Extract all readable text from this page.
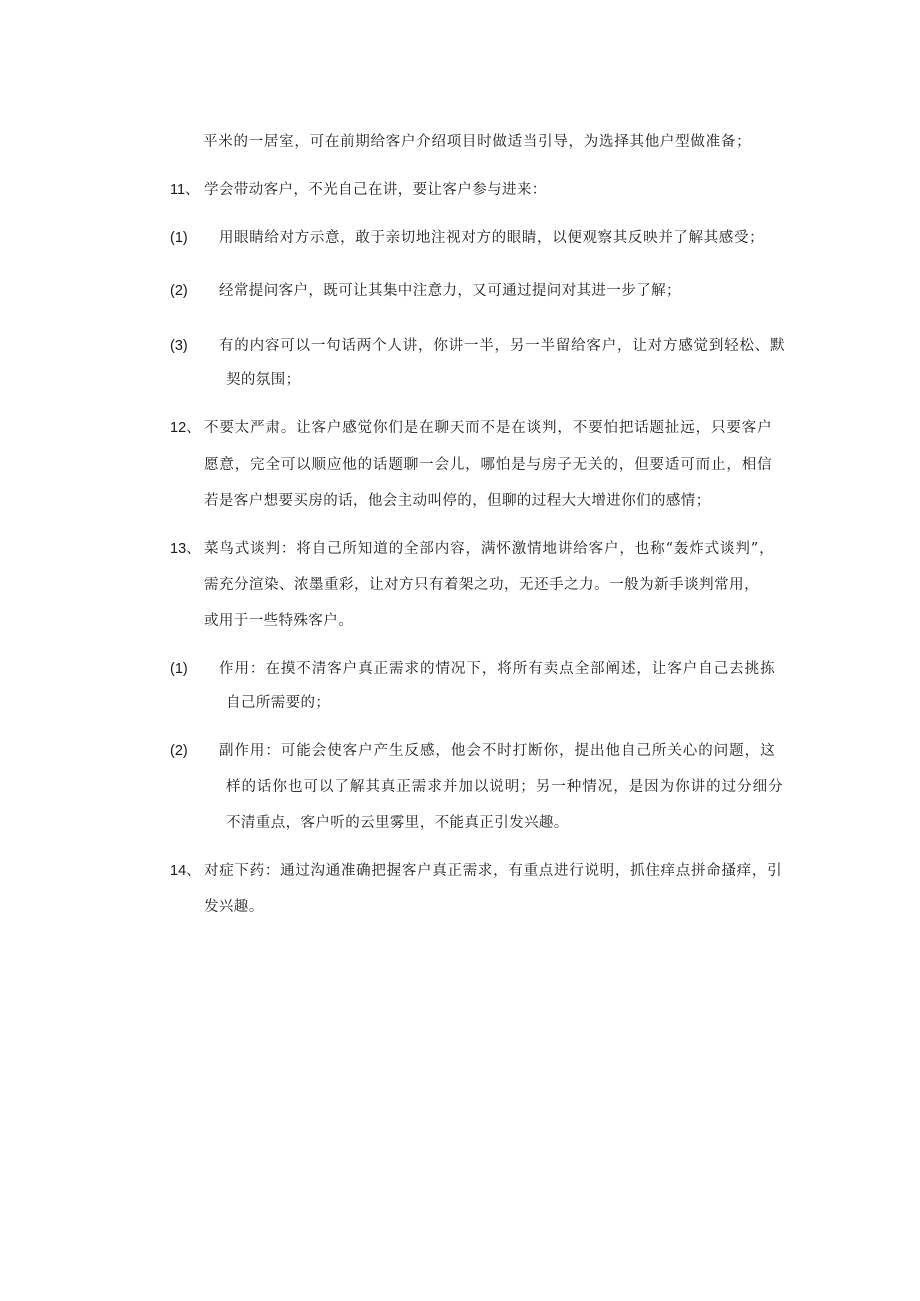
平米的一居室，可在前期给客户介绍项目时做适当引导，为选择其他户型做准备；
11、 学会带动客户，不光自己在讲，要让客户参与进来：
(1) 用眼睛给对方示意，敢于亲切地注视对方的眼睛，以便观察其反映并了解其感受；
(2) 经常提问客户，既可让其集中注意力，又可通过提问对其进一步了解；
(3) 有的内容可以一句话两个人讲，你讲一半，另一半留给客户，让对方感觉到轻松、默
契的氛围；
12、 不要太严肃。让客户感觉你们是在聊天而不是在谈判，不要怕把话题扯远，只要客户
愿意，完全可以顺应他的话题聊一会儿，哪怕是与房子无关的，但要适可而止，相信
若是客户想要买房的话，他会主动叫停的，但聊的过程大大增进你们的感情；
13、 菜鸟式谈判：将自己所知道的全部内容，满怀激情地讲给客户，也称“轰炸式谈判”，
需充分渲染、浓墨重彩，让对方只有着架之功，无还手之力。一般为新手谈判常用，
或用于一些特殊客户。
(1) 作用：在摸不清客户真正需求的情况下，将所有卖点全部阐述，让客户自己去挑拣
自己所需要的；
(2) 副作用：可能会使客户产生反感，他会不时打断你，提出他自己所关心的问题，这
样的话你也可以了解其真正需求并加以说明；另一种情况，是因为你讲的过分细分
不清重点，客户听的云里雾里，不能真正引发兴趣。
14、 对症下药：通过沟通准确把握客户真正需求，有重点进行说明，抓住痒点拼命搔痒，引
发兴趣。
